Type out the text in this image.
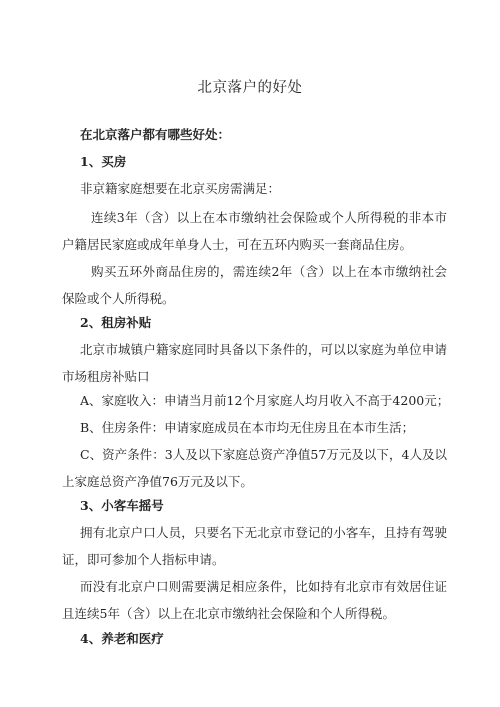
北京落户的好处
在北京落户都有哪些好处：
1、买房
非京籍家庭想要在北京买房需满足：
连续3年（含）以上在本市缴纳社会保险或个人所得税的非本市户籍居民家庭或成年单身人士，可在五环内购买一套商品住房。
购买五环外商品住房的，需连续2年（含）以上在本市缴纳社会保险或个人所得税。
2、租房补贴
北京市城镇户籍家庭同时具备以下条件的，可以以家庭为单位申请市场租房补贴口
A、家庭收入：申请当月前12个月家庭人均月收入不高于4200元；
B、住房条件：申请家庭成员在本市均无住房且在本市生活；
C、资产条件：3人及以下家庭总资产净值57万元及以下，4人及以上家庭总资产净值76万元及以下。
3、小客车摇号
拥有北京户口人员，只要名下无北京市登记的小客车，且持有驾驶证，即可参加个人指标申请。
而没有北京户口则需要满足相应条件，比如持有北京市有效居住证且连续5年（含）以上在北京市缴纳社会保险和个人所得税。
4、养老和医疗
